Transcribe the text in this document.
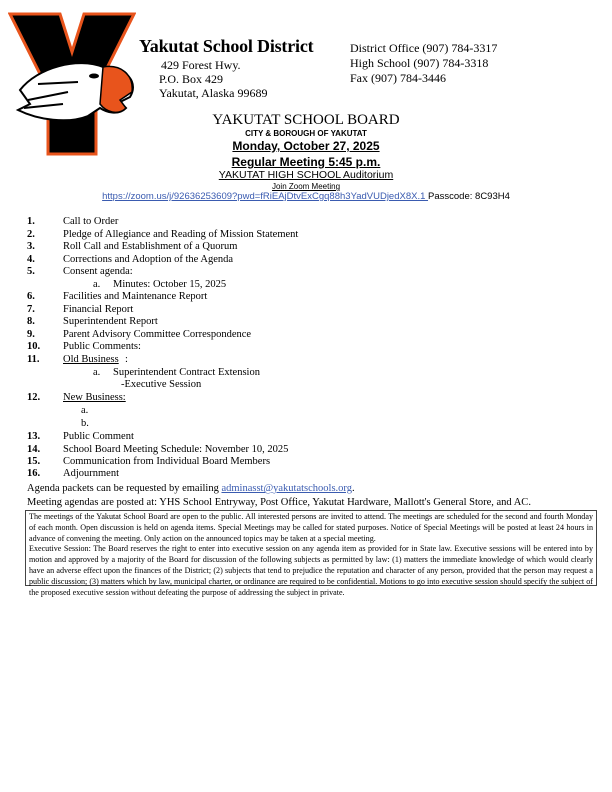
Yakutat School District
429 Forest Hwy.
P.O. Box 429
Yakutat, Alaska 99689
District Office (907) 784-3317
High School (907) 784-3318
Fax (907) 784-3446
YAKUTAT SCHOOL BOARD
CITY & BOROUGH OF YAKUTAT
Monday, October 27, 2025
Regular Meeting 5:45 p.m.
YAKUTAT HIGH SCHOOL Auditorium
Join Zoom Meeting
https://zoom.us/j/92636253609?pwd=fRiEAjDtvExCgq88h3YadVUDjedX8X.1 Passcode: 8C93H4
1.	Call to Order
2.	Pledge of Allegiance and Reading of Mission Statement
3.	Roll Call and Establishment of a Quorum
4.	Corrections and Adoption of the Agenda
5.	Consent agenda:
6.	Facilities and Maintenance Report
7.	Financial Report
8.	Superintendent Report
9.	Parent Advisory Committee Correspondence
10. Public Comments:
11. Old Business :
12. New Business:
13. Public Comment
14. School Board Meeting Schedule: November 10, 2025
15. Communication from Individual Board Members
16. Adjournment
a. Minutes: October 15, 2025
a. Superintendent Contract Extension
-Executive Session
a.
b.
Agenda packets can be requested by emailing adminasst@yakutatschools.org.
Meeting agendas are posted at: YHS School Entryway, Post Office, Yakutat Hardware, Mallott's General Store, and AC.

The meetings of the Yakutat School Board are open to the public. All interested persons are invited to attend. The meetings are scheduled for the second and fourth Monday of each month. Open discussion is held on agenda items. Special Meetings may be called for stated purposes. Notice of Special Meetings will be posted at least 24 hours in advance of convening the meeting. Only action on the announced topics may be taken at a special meeting.

Executive Session: The Board reserves the right to enter into executive session on any agenda item as provided for in State law. Executive sessions will be entered into by motion and approved by a majority of the Board for discussion of the following subjects as permitted by law: (1) matters the immediate knowledge of which would clearly have an adverse effect upon the finances of the District; (2) subjects that tend to prejudice the reputation and character of any person, provided that the person may request a public discussion; (3) matters which by law, municipal charter, or ordinance are required to be confidential. Motions to go into executive session should specify the subject of the proposed executive session without defeating the purpose of addressing the subject in private.
